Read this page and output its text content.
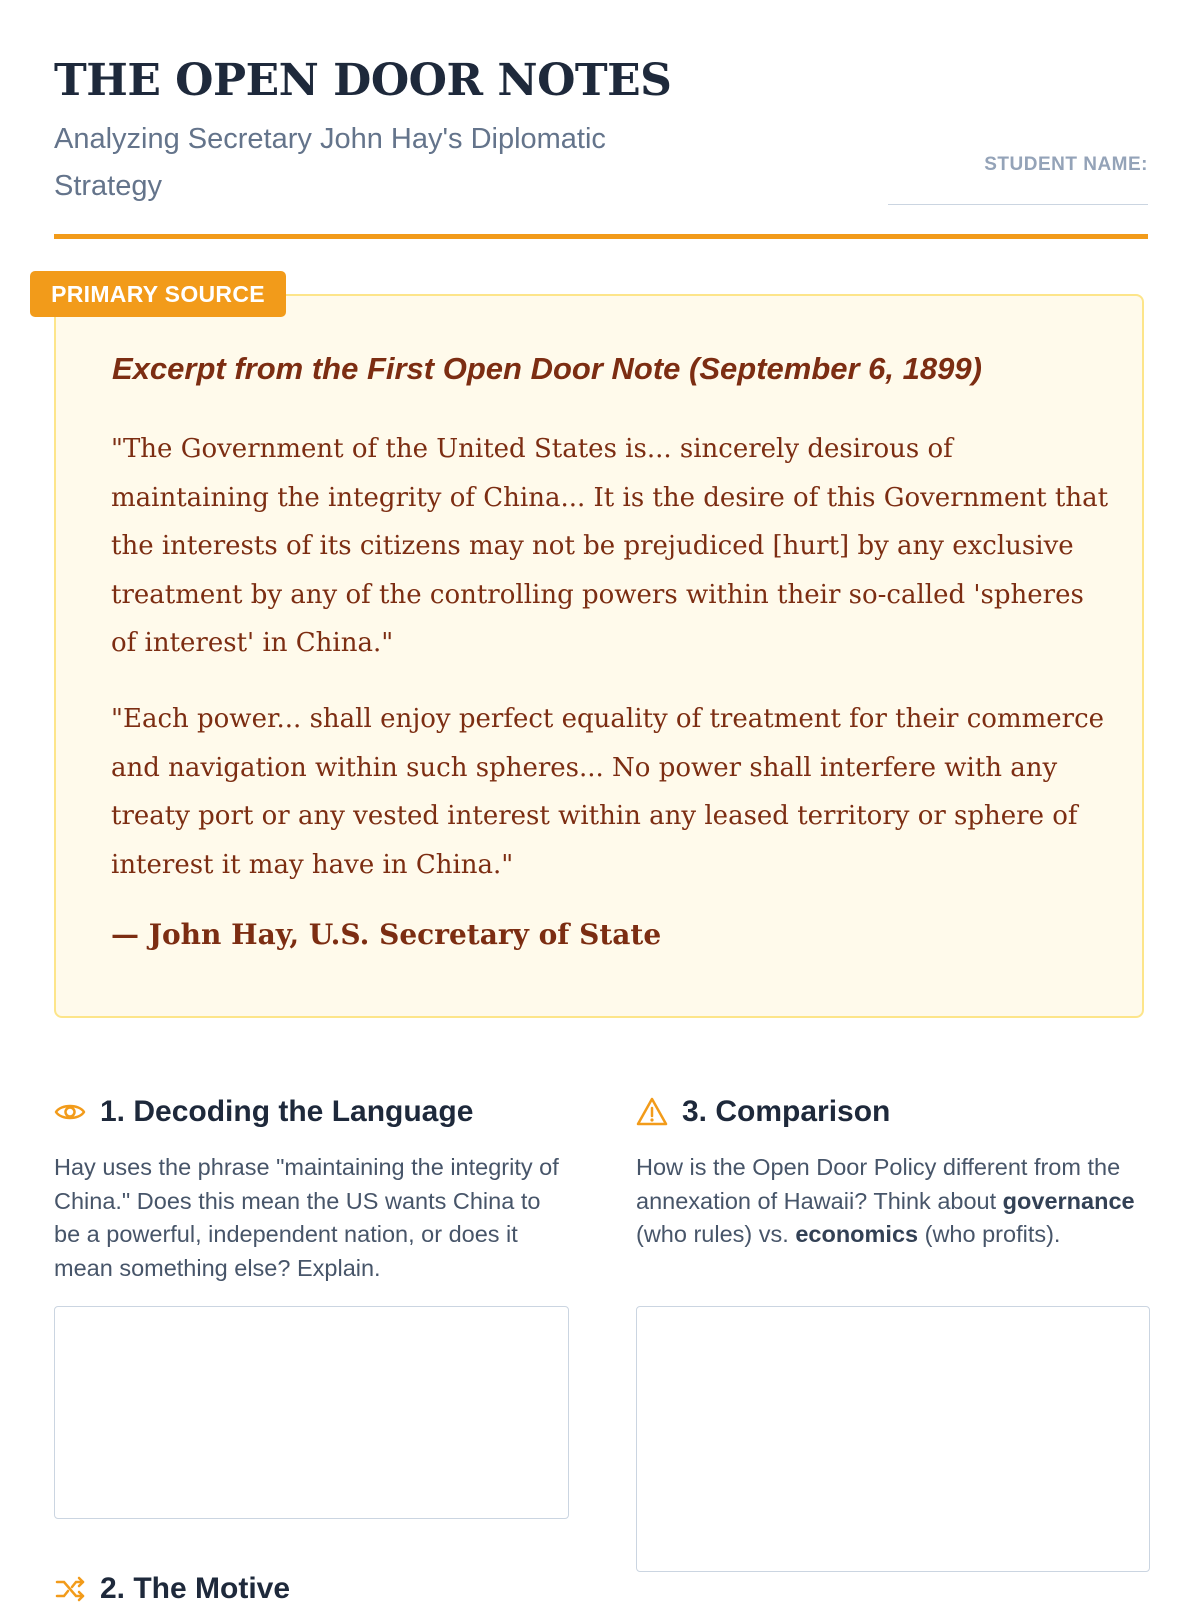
THE OPEN DOOR NOTES
Analyzing Secretary John Hay's Diplomatic Strategy
STUDENT NAME:
PRIMARY SOURCE
Excerpt from the First Open Door Note (September 6, 1899)

"The Government of the United States is... sincerely desirous of maintaining the integrity of China... It is the desire of this Government that the interests of its citizens may not be prejudiced [hurt] by any exclusive treatment by any of the controlling powers within their so-called 'spheres of interest' in China."

"Each power... shall enjoy perfect equality of treatment for their commerce and navigation within such spheres... No power shall interfere with any treaty port or any vested interest within any leased territory or sphere of interest it may have in China."

— John Hay, U.S. Secretary of State
1. Decoding the Language
Hay uses the phrase "maintaining the integrity of China." Does this mean the US wants China to be a powerful, independent nation, or does it mean something else? Explain.
3. Comparison
How is the Open Door Policy different from the annexation of Hawaii? Think about governance (who rules) vs. economics (who profits).
2. The Motive
